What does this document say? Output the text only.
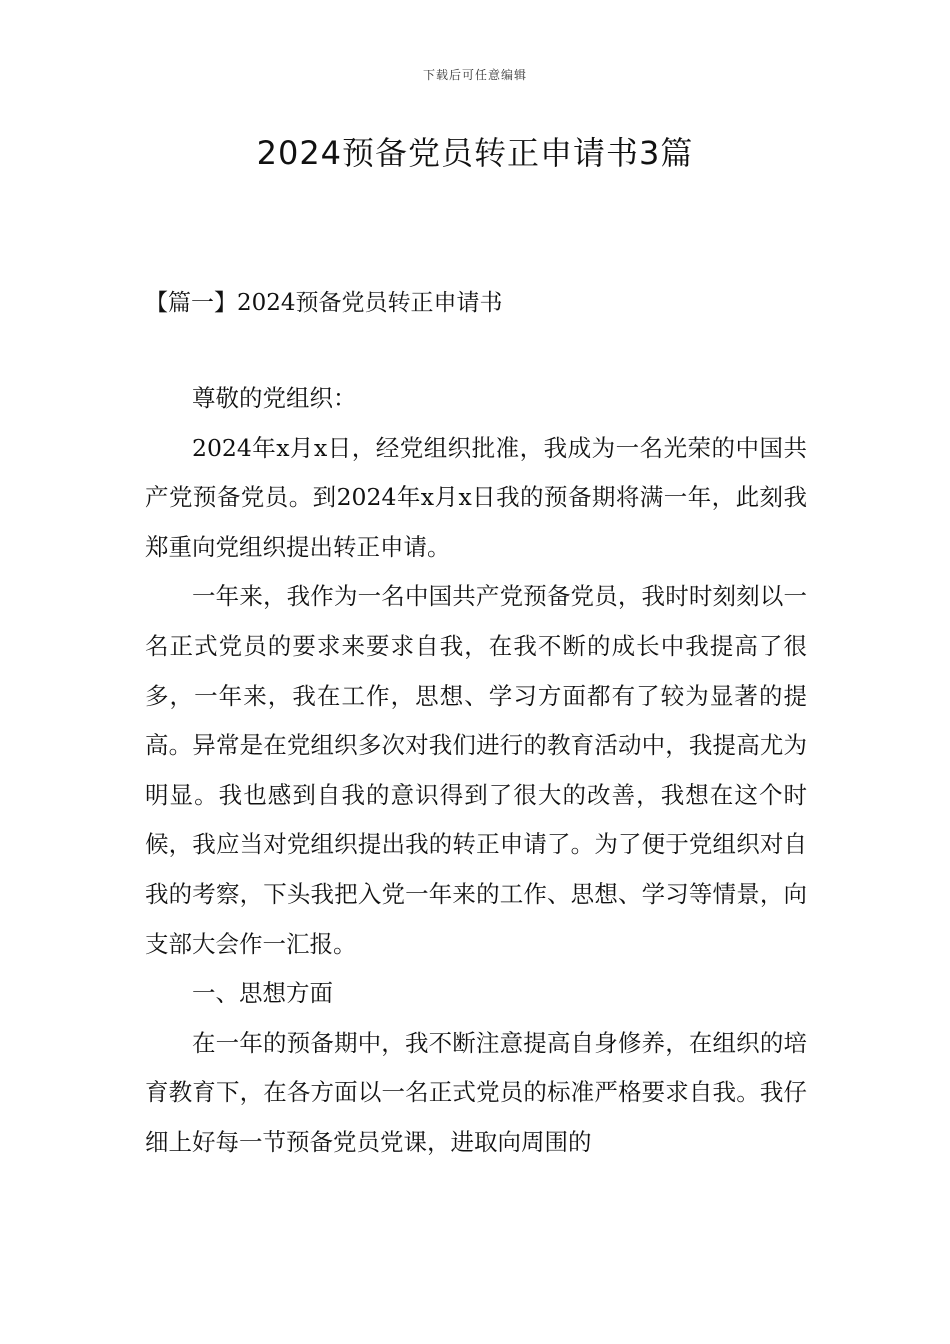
下载后可任意编辑
2024预备党员转正申请书3篇
【篇一】2024预备党员转正申请书

尊敬的党组织：

2024年x月x日，经党组织批准，我成为一名光荣的中国共产党预备党员。到2024年x月x日我的预备期将满一年，此刻我郑重向党组织提出转正申请。

一年来，我作为一名中国共产党预备党员，我时时刻刻以一名正式党员的要求来要求自我，在我不断的成长中我提高了很多，一年来，我在工作，思想、学习方面都有了较为显著的提高。异常是在党组织多次对我们进行的教育活动中，我提高尤为明显。我也感到自我的意识得到了很大的改善，我想在这个时候，我应当对党组织提出我的转正申请了。为了便于党组织对自我的考察，下头我把入党一年来的工作、思想、学习等情景，向支部大会作一汇报。

一、思想方面

在一年的预备期中，我不断注意提高自身修养，在组织的培育教育下，在各方面以一名正式党员的标准严格要求自我。我仔细上好每一节预备党员党课，进取向周围的
